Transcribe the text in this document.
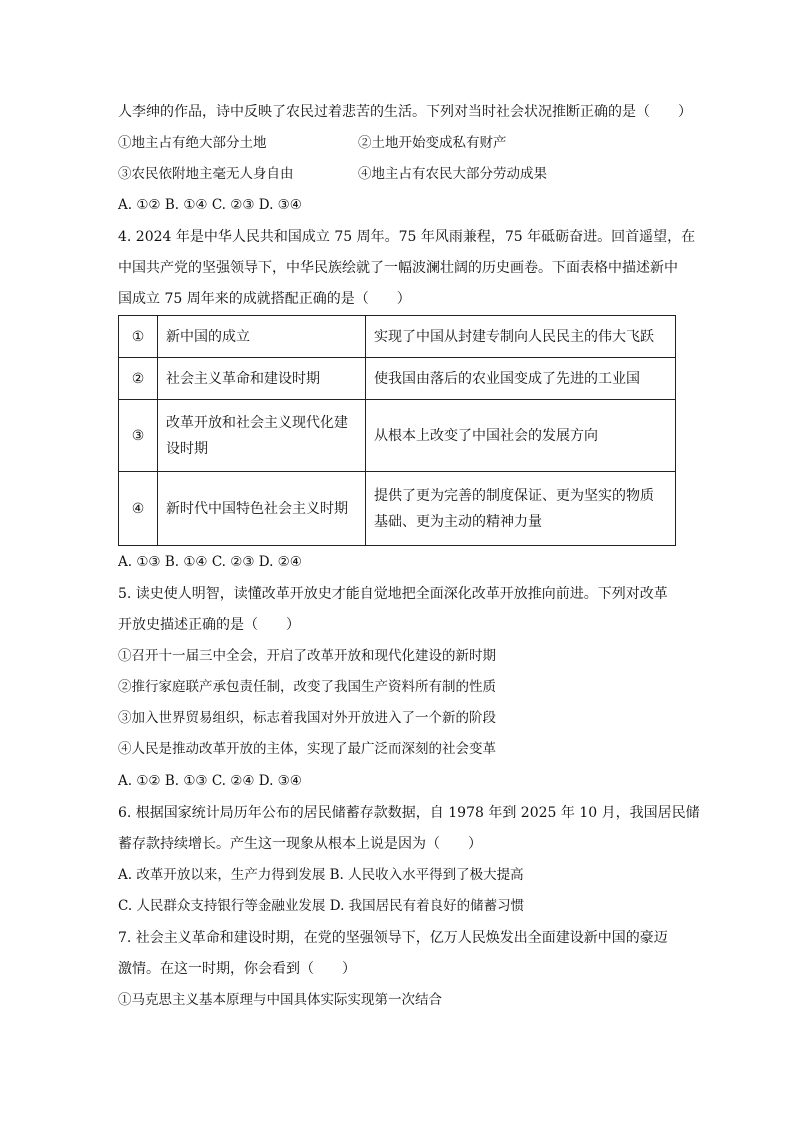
人李绅的作品，诗中反映了农民过着悲苦的生活。下列对当时社会状况推断正确的是（　　）
①地主占有绝大部分土地	②土地开始变成私有财产
③农民依附地主毫无人身自由	④地主占有农民大部分劳动成果
A. ①② B. ①④ C. ②③ D. ③④
4. 2024 年是中华人民共和国成立 75 周年。75 年风雨兼程，75 年砥砺奋进。回首遥望，在
中国共产党的坚强领导下，中华民族绘就了一幅波澜壮阔的历史画卷。下面表格中描述新中
国成立 75 周年来的成就搭配正确的是（　　）
①	新中国的成立	实现了中国从封建专制向人民民主的伟大飞跃
②	社会主义革命和建设时期	使我国由落后的农业国变成了先进的工业国
③	改革开放和社会主义现代化建设时期	从根本上改变了中国社会的发展方向
④	新时代中国特色社会主义时期	提供了更为完善的制度保证、更为坚实的物质基础、更为主动的精神力量
A. ①③ B. ①④ C. ②③ D. ②④
5. 读史使人明智，读懂改革开放史才能自觉地把全面深化改革开放推向前进。下列对改革
开放史描述正确的是（　　）
①召开十一届三中全会，开启了改革开放和现代化建设的新时期
②推行家庭联产承包责任制，改变了我国生产资料所有制的性质
③加入世界贸易组织，标志着我国对外开放进入了一个新的阶段
④人民是推动改革开放的主体，实现了最广泛而深刻的社会变革
A. ①② B. ①③ C. ②④ D. ③④
6. 根据国家统计局历年公布的居民储蓄存款数据，自 1978 年到 2025 年 10 月，我国居民储
蓄存款持续增长。产生这一现象从根本上说是因为（　　）
A. 改革开放以来，生产力得到发展 B. 人民收入水平得到了极大提高
C. 人民群众支持银行等金融业发展 D. 我国居民有着良好的储蓄习惯
7. 社会主义革命和建设时期，在党的坚强领导下，亿万人民焕发出全面建设新中国的豪迈
激情。在这一时期，你会看到（　　）
①马克思主义基本原理与中国具体实际实现第一次结合
